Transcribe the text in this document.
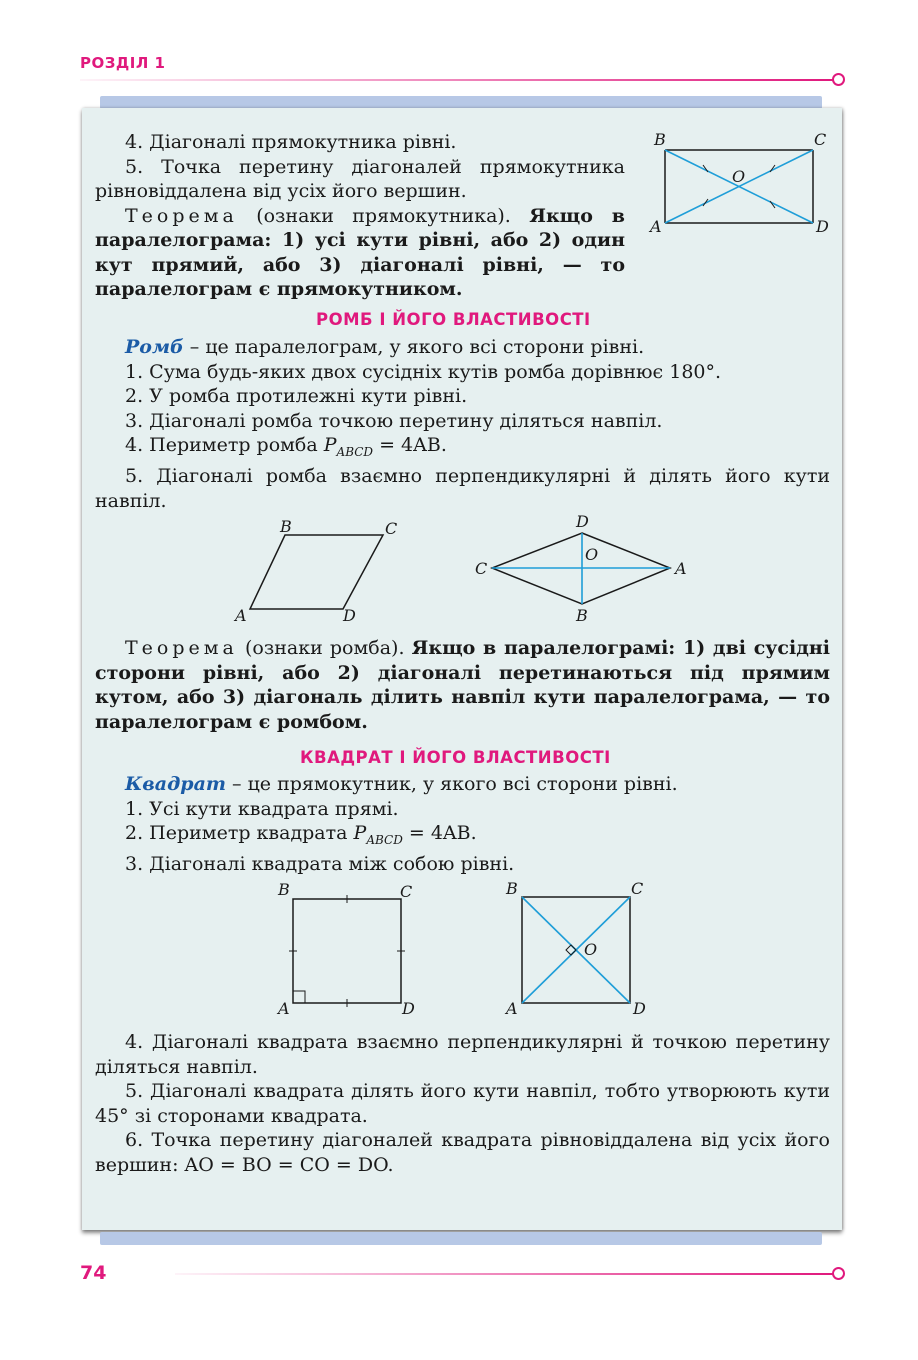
РОЗДІЛ 1

4. Діагоналі прямокутника рівні.

5. Точка перетину діагоналей прямокутника рівновіддалена від усіх його вершин.

Теорема (ознаки прямокутника). Якщо в паралелограма: 1) усі кути рівні, або 2) один кут прямий, або 3) діагоналі рівні, — то паралелограм є прямокутником.

B	C
A	D
O
РОМБ І ЙОГО ВЛАСТИВОСТІ

Ромб – це паралелограм, у якого всі сторони рівні.

1. Сума будь-яких двох сусідніх кутів ромба дорівнює 180°.

2. У ромба протилежні кути рівні.

3. Діагоналі ромба точкою перетину діляться навпіл.

4. Периметр ромба $P_{ABCD} = 4AB$.

5. Діагоналі ромба взаємно перпендикулярні й ділять його кути навпіл.

B	C
A	D
D
C	A
B
O

Теорема (ознаки ромба). Якщо в паралелограмі: 1) дві сусідні сторони рівні, або 2) діагоналі перетинаються під прямим кутом, або 3) діагональ ділить навпіл кути паралелограма, — то паралелограм є ромбом.

КВАДРАТ І ЙОГО ВЛАСТИВОСТІ

Квадрат – це прямокутник, у якого всі сторони рівні.

1. Усі кути квадрата прямі.

2. Периметр квадрата $P_{ABCD} = 4AB$.

3. Діагоналі квадрата між собою рівні.

B	C
A	D
B	C
A	D
O

4. Діагоналі квадрата взаємно перпендикулярні й точкою перетину діляться навпіл.

5. Діагоналі квадрата ділять його кути навпіл, тобто утворюють кути 45° зі сторонами квадрата.

6. Точка перетину діагоналей квадрата рівновіддалена від усіх його вершин: AO = BO = CO = DO.

74
